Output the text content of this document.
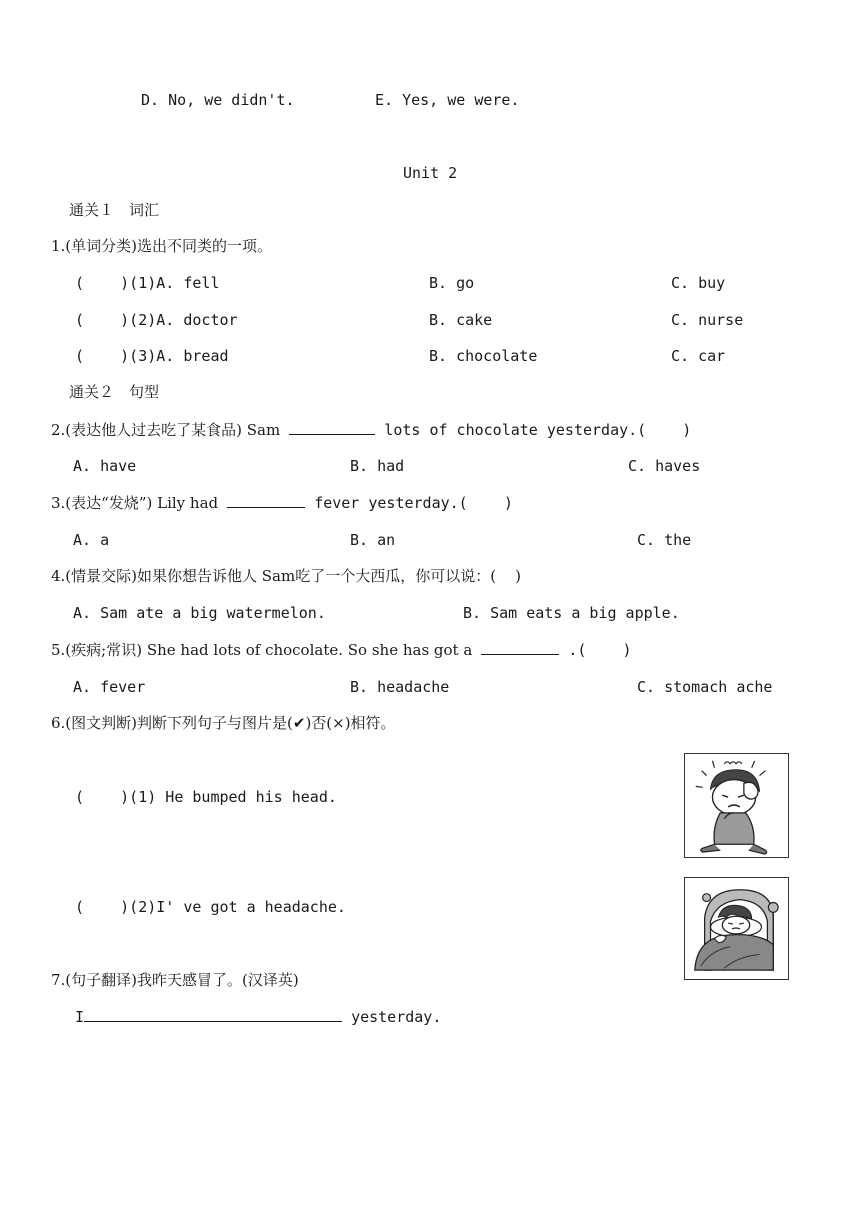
D. No, we didn't.	E. Yes, we were.
Unit 2
通关１　词汇
1.(单词分类)选出不同类的一项。
(    )(1)A. fell	B. go	C. buy
(    )(2)A. doctor	B. cake	C. nurse
(    )(3)A. bread	B. chocolate	C. car
通关２　句型
2.(表达他人过去吃了某食品) Sam	lots of chocolate yesterday.(    )
A. have	B. had	C. haves
3.(表达“发烧”) Lily had	fever yesterday.(    )
A. a	B. an	C. the
4.(情景交际)如果你想告诉他人 Sam吃了一个大西瓜，你可以说：(    )
A. Sam ate a big watermelon.	B. Sam eats a big apple.
5.(疾病;常识) She had lots of chocolate. So she has got a	.(    )
A. fever	B. headache	C. stomach ache
6.(图文判断)判断下列句子与图片是(✔)否(×)相符。
(    )(1) He bumped his head.
(    )(2)I' ve got a headache.
7.(句子翻译)我昨天感冒了。(汉译英)
I	yesterday.
